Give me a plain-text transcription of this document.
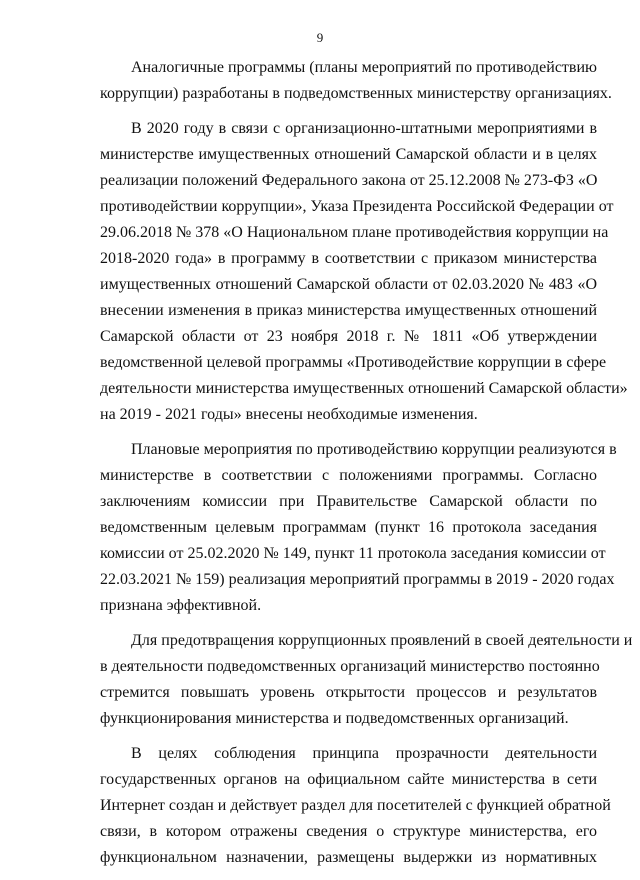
9
Аналогичные программы (планы мероприятий по противодействию
коррупции) разработаны в подведомственных министерству организациях.
В 2020 году в связи с организационно-штатными мероприятиями в
министерстве имущественных отношений Самарской области и в целях
реализации положений Федерального закона от 25.12.2008 № 273-ФЗ «О
противодействии коррупции», Указа Президента Российской Федерации от
29.06.2018 № 378 «О Национальном плане противодействия коррупции на
2018-2020 года» в программу в соответствии с приказом министерства
имущественных отношений Самарской области от 02.03.2020 № 483 «О
внесении изменения в приказ министерства имущественных отношений
Самарской области от 23 ноября 2018 г. № 1811 «Об утверждении
ведомственной целевой программы «Противодействие коррупции в сфере
деятельности министерства имущественных отношений Самарской области»
на 2019 - 2021 годы» внесены необходимые изменения.
Плановые мероприятия по противодействию коррупции реализуются в
министерстве в соответствии с положениями программы. Согласно
заключениям комиссии при Правительстве Самарской области по
ведомственным целевым программам (пункт 16 протокола заседания
комиссии от 25.02.2020 № 149, пункт 11 протокола заседания комиссии от
22.03.2021 № 159) реализация мероприятий программы в 2019 - 2020 годах
признана эффективной.
Для предотвращения коррупционных проявлений в своей деятельности и
в деятельности подведомственных организаций министерство постоянно
стремится повышать уровень открытости процессов и результатов
функционирования министерства и подведомственных организаций.
В целях соблюдения принципа прозрачности деятельности
государственных органов на официальном сайте министерства в сети
Интернет создан и действует раздел для посетителей с функцией обратной
связи, в котором отражены сведения о структуре министерства, его
функциональном назначении, размещены выдержки из нормативных
